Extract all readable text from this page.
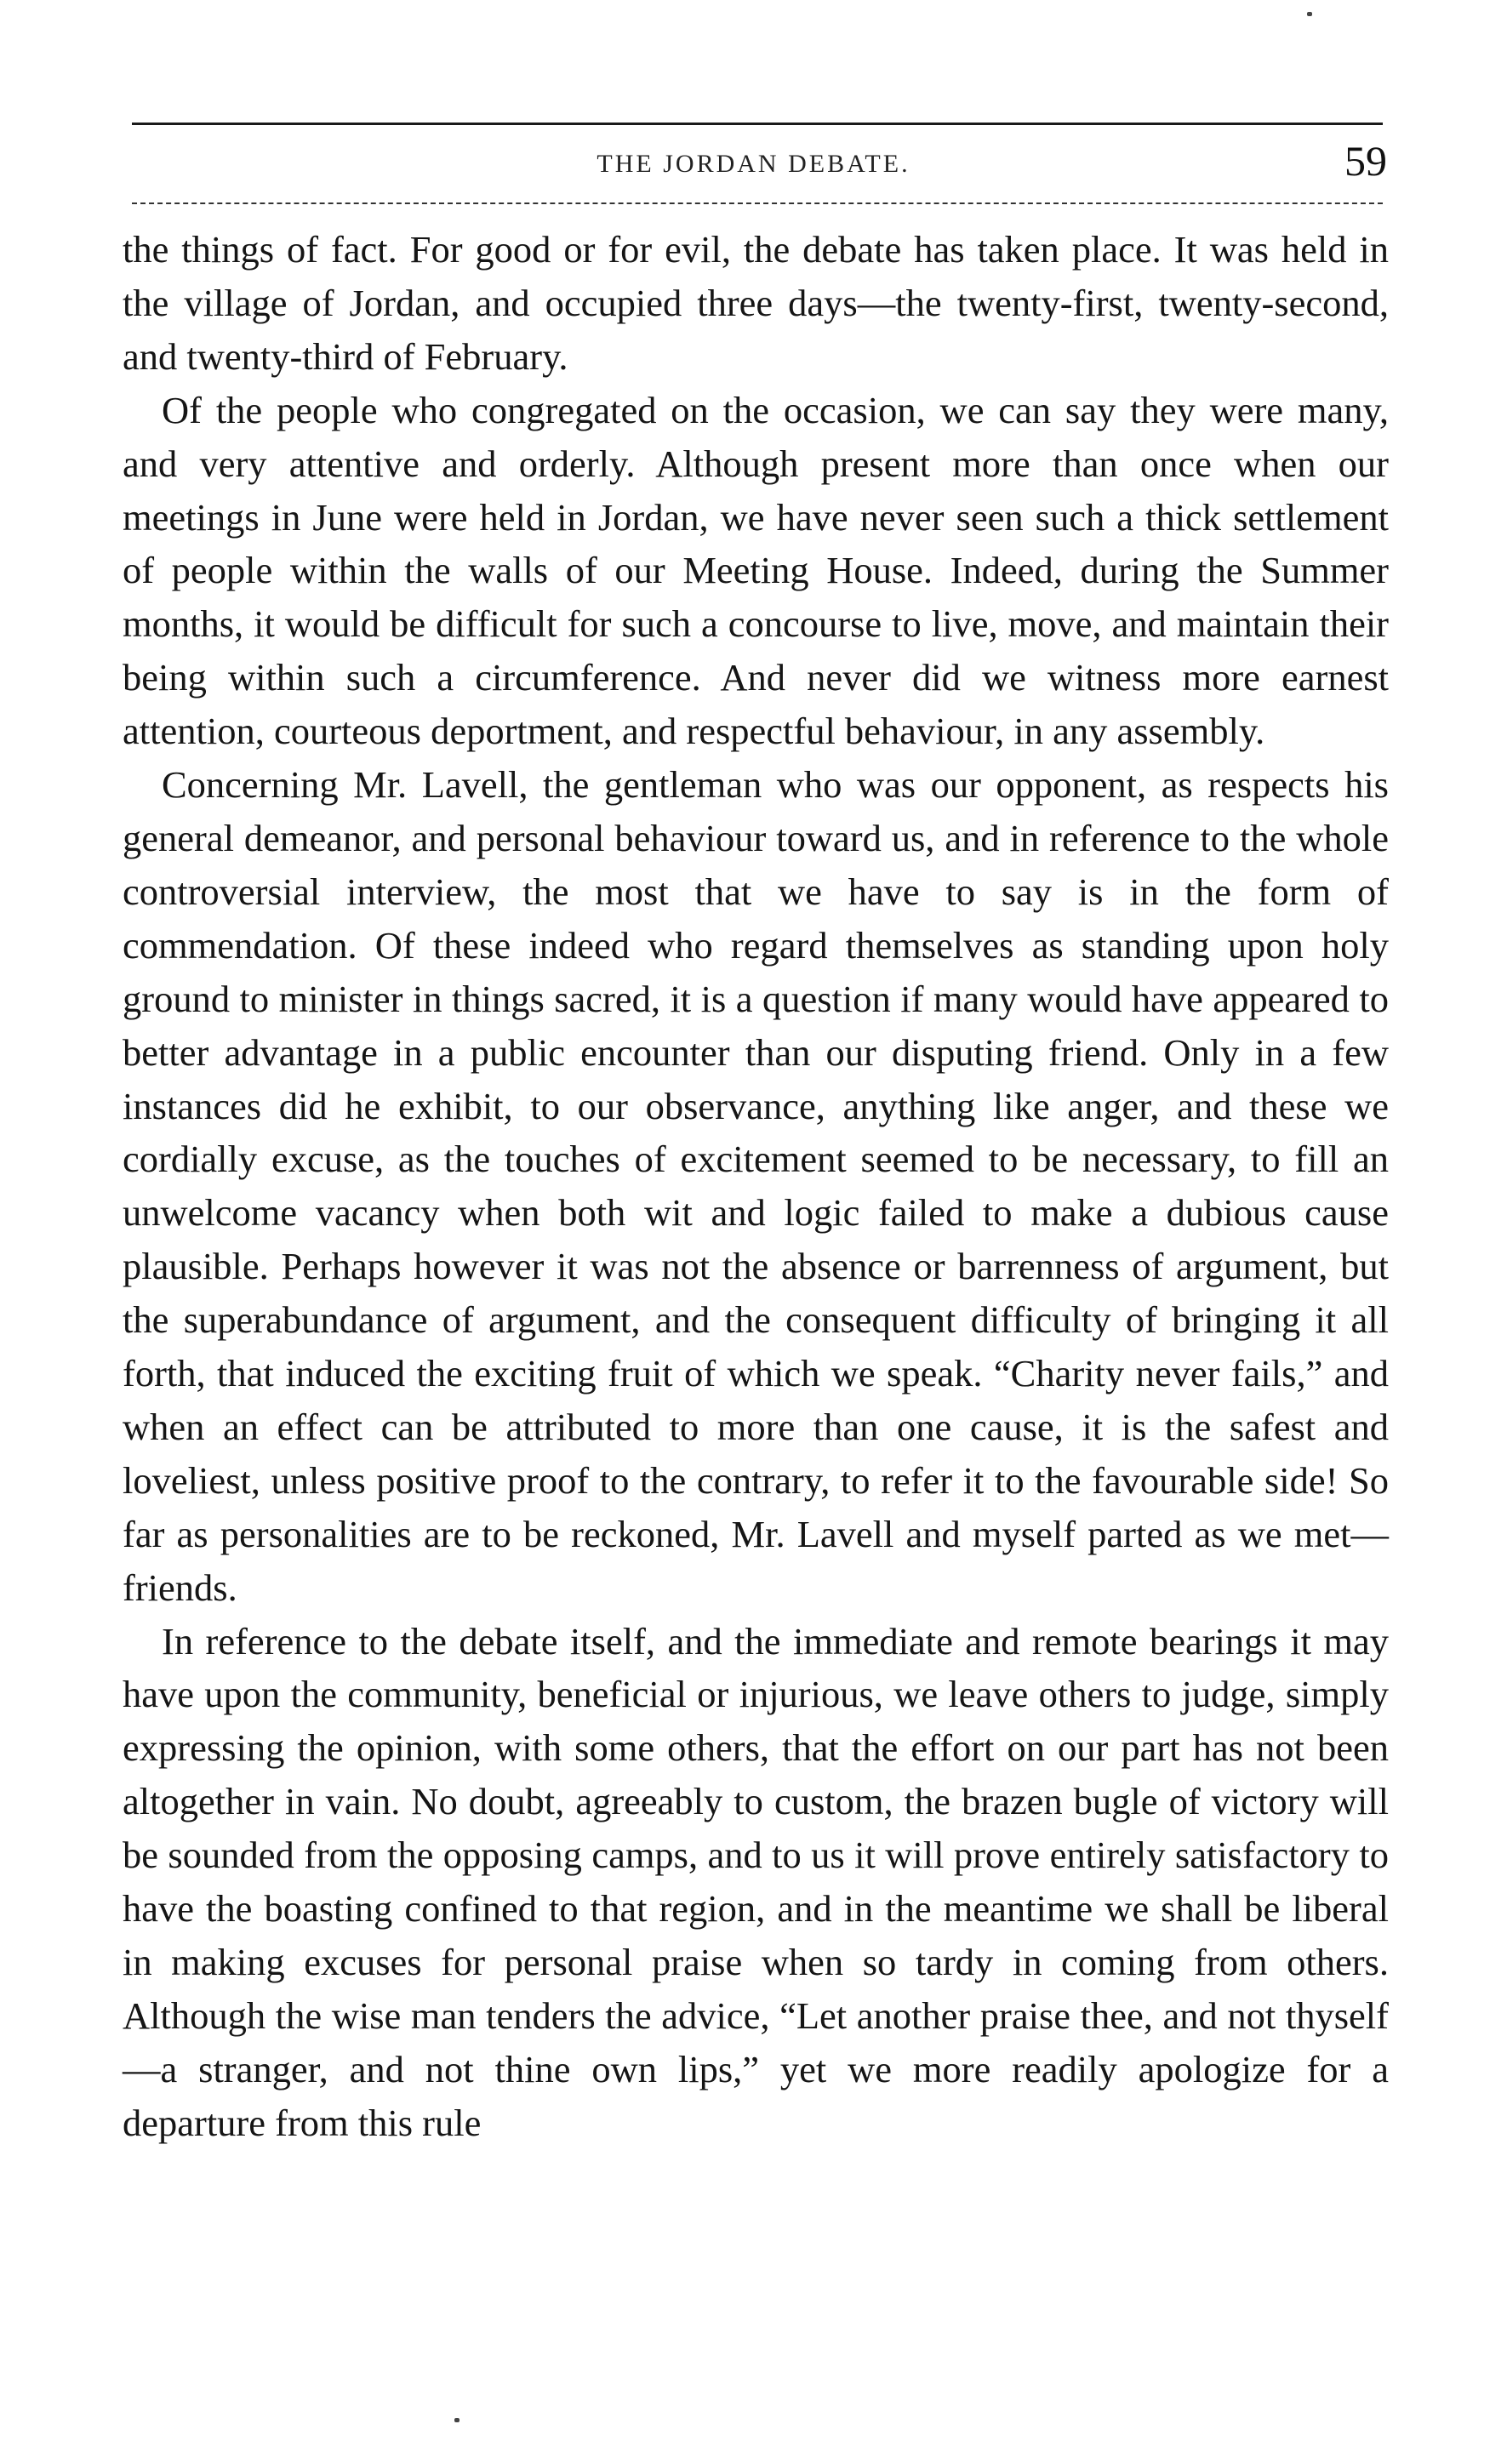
THE JORDAN DEBATE.	59

the things of fact. For good or for evil, the debate has taken place. It was held in the village of Jordan, and occupied three days—the twenty-first, twenty-second, and twenty-third of February.

Of the people who congregated on the occasion, we can say they were many, and very attentive and orderly. Although present more than once when our meetings in June were held in Jordan, we have never seen such a thick settlement of people within the walls of our Meeting House. Indeed, during the Summer months, it would be difficult for such a concourse to live, move, and maintain their being within such a circumference. And never did we witness more earnest attention, courteous deportment, and respectful behaviour, in any assembly.

Concerning Mr. Lavell, the gentleman who was our opponent, as respects his general demeanor, and personal behaviour toward us, and in reference to the whole controversial interview, the most that we have to say is in the form of commendation. Of these indeed who regard themselves as standing upon holy ground to minister in things sacred, it is a question if many would have appeared to better advantage in a public encounter than our disputing friend. Only in a few instances did he exhibit, to our observance, anything like anger, and these we cordially excuse, as the touches of excitement seemed to be necessary, to fill an unwelcome vacancy when both wit and logic failed to make a dubious cause plausible. Perhaps however it was not the absence or barrenness of argument, but the superabundance of argument, and the consequent difficulty of bringing it all forth, that induced the exciting fruit of which we speak. “Charity never fails,” and when an effect can be attributed to more than one cause, it is the safest and loveliest, unless positive proof to the contrary, to refer it to the favourable side! So far as personalities are to be reckoned, Mr. Lavell and myself parted as we met—friends.

In reference to the debate itself, and the immediate and remote bearings it may have upon the community, beneficial or injurious, we leave others to judge, simply expressing the opinion, with some others, that the effort on our part has not been altogether in vain. No doubt, agreeably to custom, the brazen bugle of victory will be sounded from the opposing camps, and to us it will prove entirely satisfactory to have the boasting confined to that region, and in the meantime we shall be liberal in making excuses for personal praise when so tardy in coming from others. Although the wise man tenders the advice, “Let another praise thee, and not thyself—a stranger, and not thine own lips,” yet we more readily apologize for a departure from this rule
